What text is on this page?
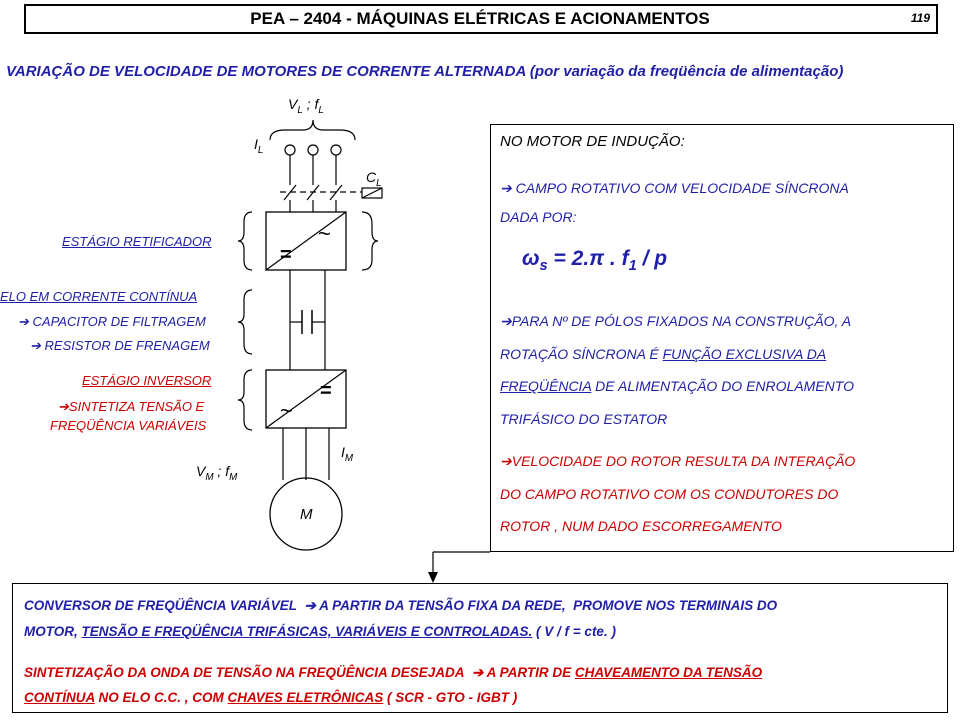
PEA – 2404 - MÁQUINAS ELÉTRICAS E ACIONAMENTOS	119
VARIAÇÃO DE VELOCIDADE DE MOTORES DE CORRENTE ALTERNADA (por variação da freqüência de alimentação)
$V_L$ ; $f_L$
$I_L$
$C_L$
~
=
=
~
$I_M$
$V_M$ ; $f_M$
M
ESTÁGIO RETIFICADOR
ELO EM CORRENTE CONTÍNUA
➔ CAPACITOR DE FILTRAGEM
➔ RESISTOR DE FRENAGEM
ESTÁGIO INVERSOR
➔SINTETIZA TENSÃO E
FREQÜÊNCIA VARIÁVEIS
NO MOTOR DE INDUÇÃO:
➔ CAMPO ROTATIVO COM VELOCIDADE SÍNCRONA
DADA POR:
$\omega_s = 2.\pi$ . $f_1$ / p
➔PARA Nº DE PÓLOS FIXADOS NA CONSTRUÇÃO, A
ROTAÇÃO SÍNCRONA É FUNÇÃO EXCLUSIVA DA
FREQÜÊNCIA DE ALIMENTAÇÃO DO ENROLAMENTO
TRIFÁSICO DO ESTATOR
➔VELOCIDADE DO ROTOR RESULTA DA INTERAÇÃO
DO CAMPO ROTATIVO COM OS CONDUTORES DO
ROTOR , NUM DADO ESCORREGAMENTO
CONVERSOR DE FREQÜÊNCIA VARIÁVEL ➔ A PARTIR DA TENSÃO FIXA DA REDE, PROMOVE NOS TERMINAIS DO
MOTOR, TENSÃO E FREQÜÊNCIA TRIFÁSICAS, VARIÁVEIS E CONTROLADAS. ( V / f = cte. )
SINTETIZAÇÃO DA ONDA DE TENSÃO NA FREQÜÊNCIA DESEJADA ➔ A PARTIR DE CHAVEAMENTO DA TENSÃO
CONTÍNUA NO ELO C.C. , COM CHAVES ELETRÔNICAS ( SCR - GTO - IGBT )
